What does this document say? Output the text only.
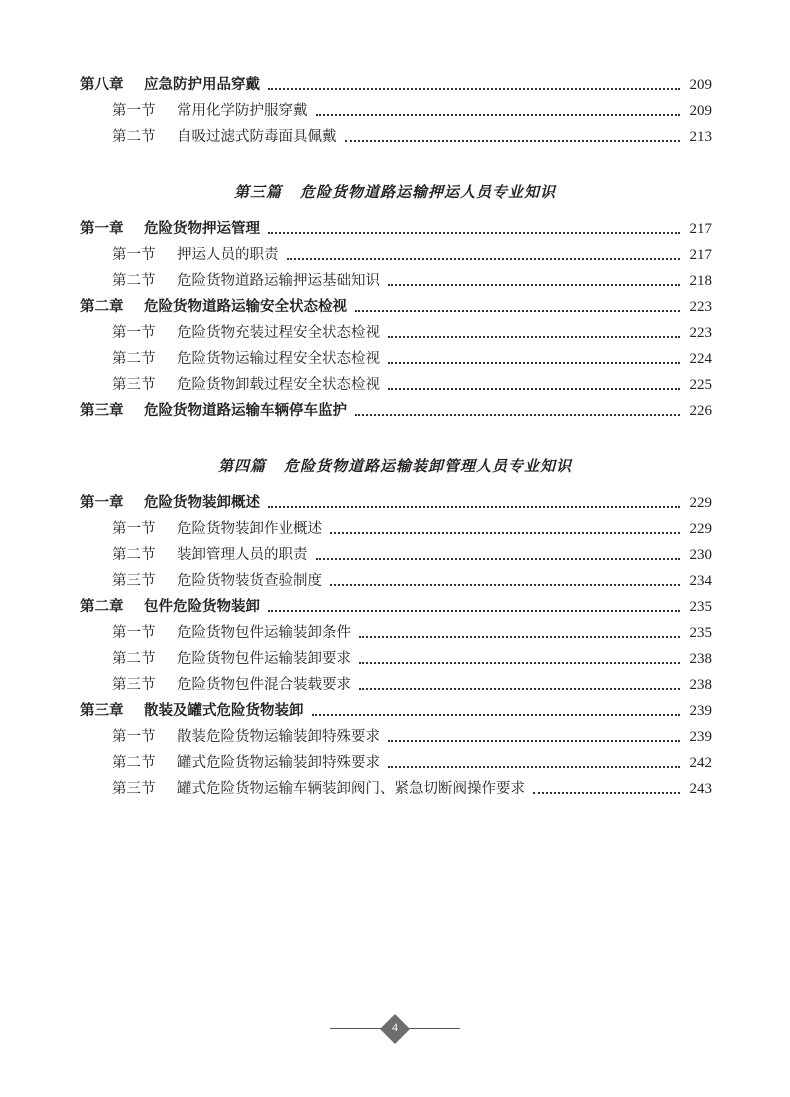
第八章	应急防护用品穿戴	209
第一节	常用化学防护服穿戴	209
第二节	自吸过滤式防毒面具佩戴	213
第三篇 危险货物道路运输押运人员专业知识
第一章	危险货物押运管理	217
第一节	押运人员的职责	217
第二节	危险货物道路运输押运基础知识	218
第二章	危险货物道路运输安全状态检视	223
第一节	危险货物充装过程安全状态检视	223
第二节	危险货物运输过程安全状态检视	224
第三节	危险货物卸载过程安全状态检视	225
第三章	危险货物道路运输车辆停车监护	226
第四篇 危险货物道路运输装卸管理人员专业知识
第一章	危险货物装卸概述	229
第一节	危险货物装卸作业概述	229
第二节	装卸管理人员的职责	230
第三节	危险货物装货查验制度	234
第二章	包件危险货物装卸	235
第一节	危险货物包件运输装卸条件	235
第二节	危险货物包件运输装卸要求	238
第三节	危险货物包件混合装载要求	238
第三章	散装及罐式危险货物装卸	239
第一节	散装危险货物运输装卸特殊要求	239
第二节	罐式危险货物运输装卸特殊要求	242
第三节	罐式危险货物运输车辆装卸阀门、紧急切断阀操作要求	243
4
